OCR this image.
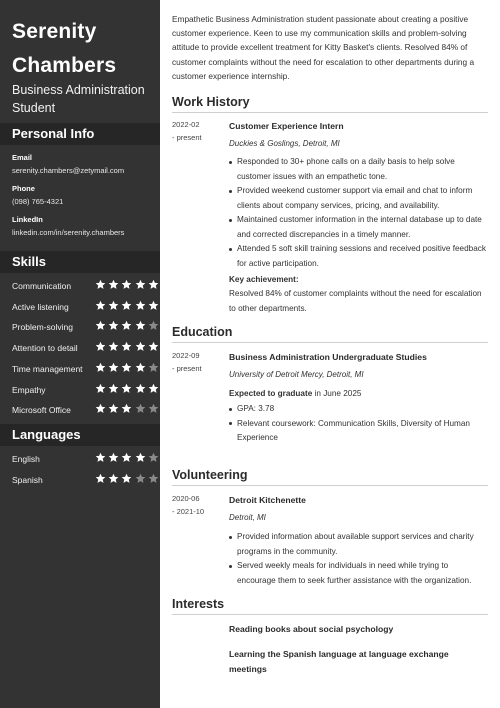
Serenity
Chambers
Business Administration Student
Personal Info
Email
serenity.chambers@zetymail.com
Phone
(098) 765-4321
LinkedIn
linkedin.com/in/serenity.chambers
Skills
Communication
Active listening
Problem-solving
Attention to detail
Time management
Empathy
Microsoft Office
Languages
English
Spanish
Empathetic Business Administration student passionate about creating a positive customer experience. Keen to use my communication skills and problem-solving attitude to provide excellent treatment for Kitty Basket's clients. Resolved 84% of customer complaints without the need for escalation to other departments during a customer experience internship.
Work History
2022-02
- present
Customer Experience Intern
Duckies & Goslings, Detroit, MI
Responded to 30+ phone calls on a daily basis to help solve customer issues with an empathetic tone.
Provided weekend customer support via email and chat to inform clients about company services, pricing, and availability.
Maintained customer information in the internal database up to date and corrected discrepancies in a timely manner.
Attended 5 soft skill training sessions and received positive feedback for active participation.
Key achievement:
Resolved 84% of customer complaints without the need for escalation to other departments.
Education
2022-09
- present
Business Administration Undergraduate Studies
University of Detroit Mercy, Detroit, MI
Expected to graduate in June 2025
GPA: 3.78
Relevant coursework: Communication Skills, Diversity of Human Experience
Volunteering
2020-06
- 2021-10
Detroit Kitchenette
Detroit, MI
Provided information about available support services and charity programs in the community.
Served weekly meals for individuals in need while trying to encourage them to seek further assistance with the organization.
Interests
Reading books about social psychology
Learning the Spanish language at language exchange meetings
